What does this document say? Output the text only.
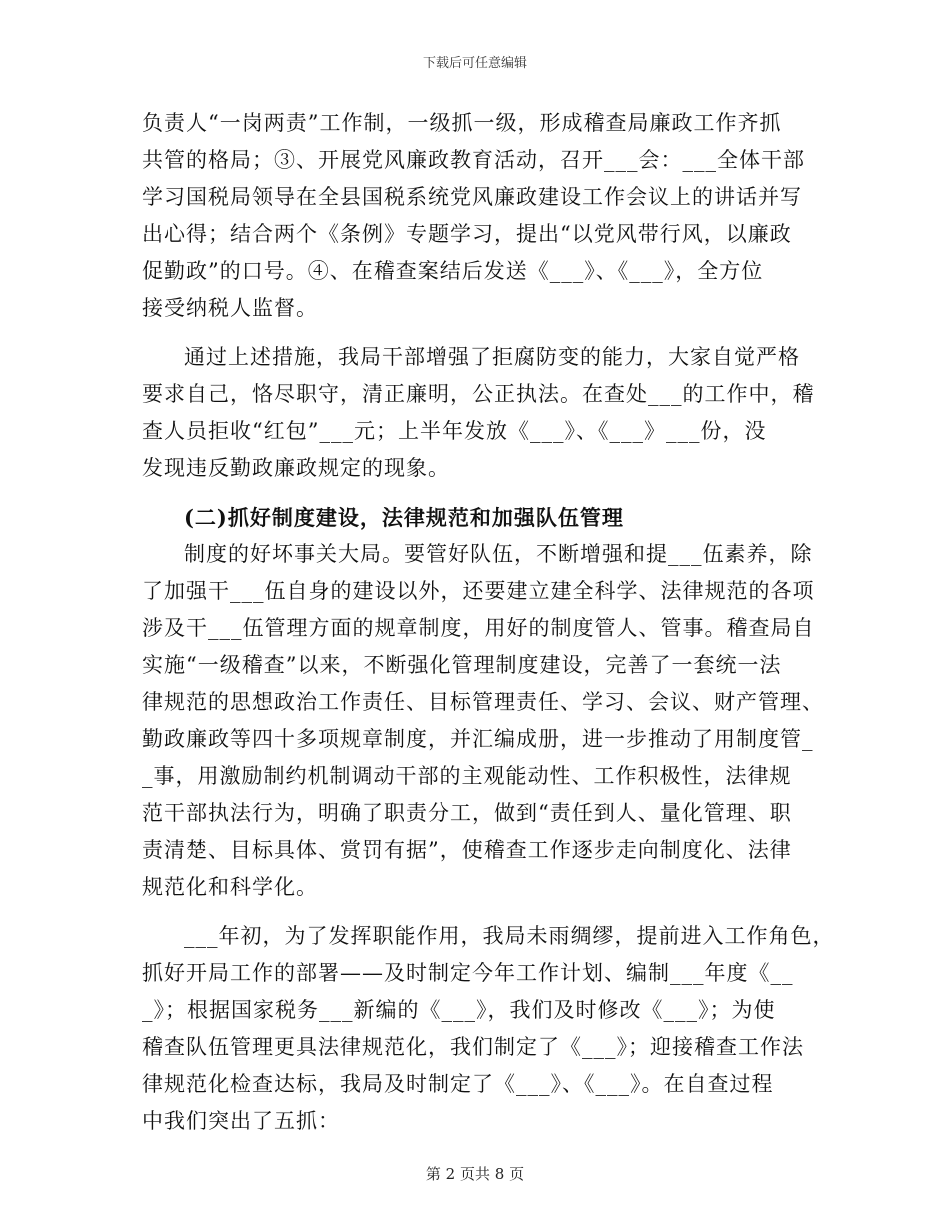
下载后可任意编辑
负责人“一岗两责”工作制，一级抓一级，形成稽查局廉政工作齐抓
共管的格局；③、开展党风廉政教育活动，召开___会：___全体干部
学习国税局领导在全县国税系统党风廉政建设工作会议上的讲话并写
出心得；结合两个《条例》专题学习，提出“以党风带行风，以廉政
促勤政”的口号。④、在稽查案结后发送《___》、《___》，全方位
接受纳税人监督。
通过上述措施，我局干部增强了拒腐防变的能力，大家自觉严格
要求自己，恪尽职守，清正廉明，公正执法。在查处___的工作中，稽
查人员拒收“红包”___元；上半年发放《___》、《___》___份，没
发现违反勤政廉政规定的现象。
(二)抓好制度建设，法律规范和加强队伍管理
制度的好坏事关大局。要管好队伍，不断增强和提___伍素养，除
了加强干___伍自身的建设以外，还要建立建全科学、法律规范的各项
涉及干___伍管理方面的规章制度，用好的制度管人、管事。稽查局自
实施“一级稽查”以来，不断强化管理制度建设，完善了一套统一法
律规范的思想政治工作责任、目标管理责任、学习、会议、财产管理、
勤政廉政等四十多项规章制度，并汇编成册，进一步推动了用制度管_
_事，用激励制约机制调动干部的主观能动性、工作积极性，法律规
范干部执法行为，明确了职责分工，做到“责任到人、量化管理、职
责清楚、目标具体、赏罚有据”，使稽查工作逐步走向制度化、法律
规范化和科学化。
___年初，为了发挥职能作用，我局未雨绸缪，提前进入工作角色，
抓好开局工作的部署——及时制定今年工作计划、编制___年度《__
_》；根据国家税务___新编的《___》，我们及时修改《___》；为使
稽查队伍管理更具法律规范化，我们制定了《___》；迎接稽查工作法
律规范化检查达标，我局及时制定了《___》、《___》。在自查过程
中我们突出了五抓：
第 2 页共 8 页
